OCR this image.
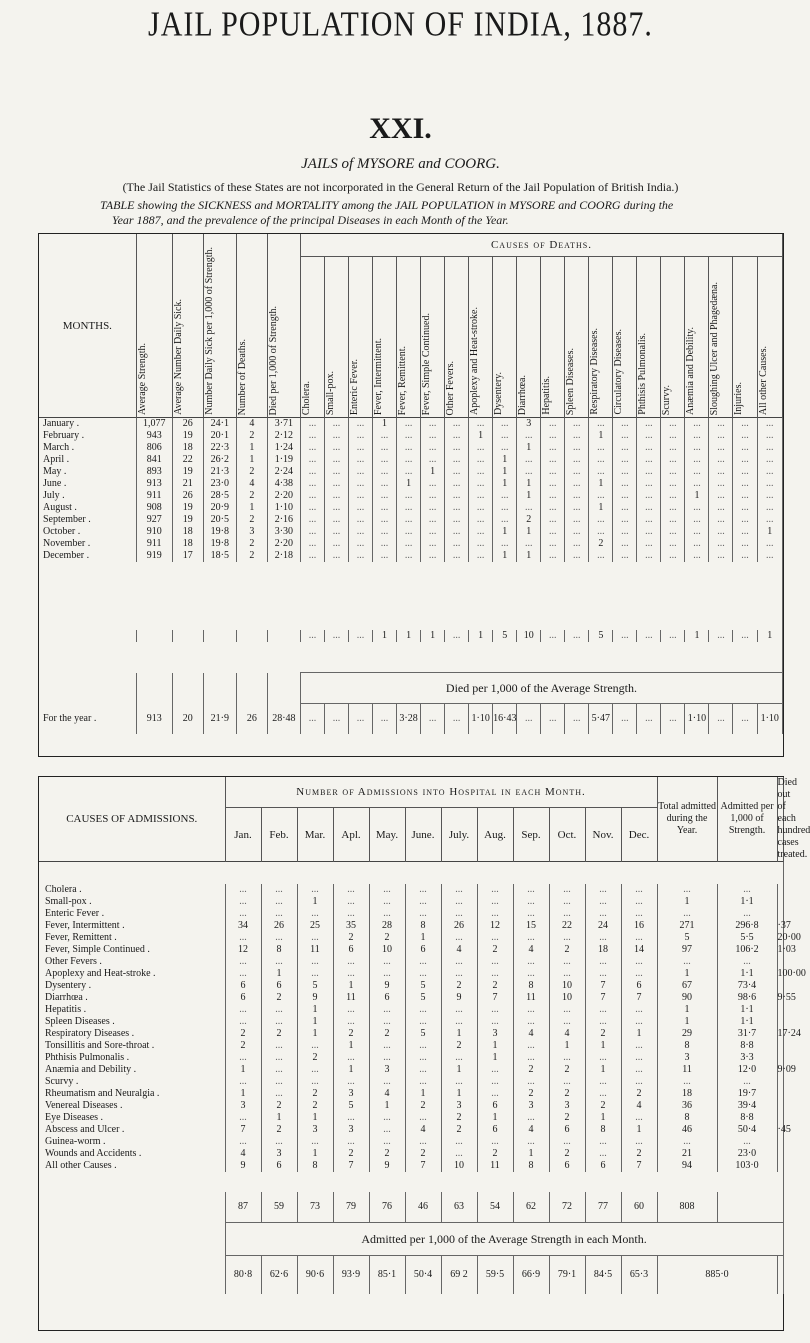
JAIL POPULATION OF INDIA, 1887.
XXI.
JAILS of MYSORE and COORG.
(The Jail Statistics of these States are not incorporated in the General Return of the Jail Population of British India.)
TABLE showing the SICKNESS and MORTALITY among the JAIL POPULATION in MYSORE and COORG during the
Year 1887, and the prevalence of the principal Diseases in each Month of the Year.
MONTHS.	Average Strength.	Average Number Daily Sick.	Number Daily Sick per 1,000 of Strength.	Number of Deaths.	Died per 1,000 of Strength.	Causes of Deaths.																			

						Cholera.	Small-pox.	Enteric Fever.	Fever, Intermittent.	Fever, Remittent.	Fever, Simple Continued.	Other Fevers.	Apoplexy and Heat-stroke.	Dysentery.	Diarrhœa.	Hepatitis.	Spleen Diseases.	Respiratory Diseases.	Circulatory Diseases.	Phthisis Pulmonalis.	Scurvy.	Anæmia and Debility.	Sloughing Ulcer and Phagedæna.	Injuries.	All other Causes.

January .	1,077	26	24·1	4	3·71	...	...	...	1	...	...	...	...	...	3	...	...	...	...	...	...	...	...	...	...
February .	943	19	20·1	2	2·12	...	...	...	...	...	...	...	1	...	...	...	...	1	...	...	...	...	...	...	...
March .	806	18	22·3	1	1·24	...	...	...	...	...	...	...	...	...	1	...	...	...	...	...	...	...	...	...	...
April .	841	22	26·2	1	1·19	...	...	...	...	...	...	...	...	1	...	...	...	...	...	...	...	...	...	...	...
May .	893	19	21·3	2	2·24	...	...	...	...	...	1	...	...	1	...	...	...	...	...	...	...	...	...	...	...
June .	913	21	23·0	4	4·38	...	...	...	...	1	...	...	...	1	1	...	...	1	...	...	...	...	...	...	...
July .	911	26	28·5	2	2·20	...	...	...	...	...	...	...	...	...	1	...	...	...	...	...	...	1	...	...	...
August .	908	19	20·9	1	1·10	...	...	...	...	...	...	...	...	...	...	...	...	1	...	...	...	...	...	...	...
September .	927	19	20·5	2	2·16	...	...	...	...	...	...	...	...	...	2	...	...	...	...	...	...	...	...	...	...
October .	910	18	19·8	3	3·30	...	...	...	...	...	...	...	...	1	1	...	...	...	...	...	...	...	...	...	1
November .	911	18	19·8	2	2·20	...	...	...	...	...	...	...	...	...	...	...	...	2	...	...	...	...	...	...	...
December .	919	17	18·5	2	2·18	...	...	...	...	...	...	...	...	1	1	...	...	...	...	...	...	...	...	...	...

						...	...	...	1	1	1	...	1	5	10	...	...	5	...	...	...	1	...	...	1

						Died per 1,000 of the Average Strength.																			
For the year .	913	20	21·9	26	28·48	...	...	...	...	3·28	...	...	1·10	16·43	...	...	...	5·47	...	...	...	1·10	...	...	1·10
CAUSES OF ADMISSIONS.	Number of Admissions into Hospital in each Month.												Total admitted during the Year.	Admitted per 1,000 of Strength.	Died out of each hundred cases treated.
	Jan.	Feb.	Mar.	Apl.	May.	June.	July.	Aug.	Sep.	Oct.	Nov.	Dec.			

Cholera .	...	...	...	...	...	...	...	...	...	...	...	...	...	...	
Small-pox .	...	...	1	...	...	...	...	...	...	...	...	...	1	1·1	
Enteric Fever .	...	...	...	...	...	...	...	...	...	...	...	...	...	...	
Fever, Intermittent .	34	26	25	35	28	8	26	12	15	22	24	16	271	296·8	·37
Fever, Remittent .	...	...	...	2	2	1	...	...	...	...	...	...	5	5·5	20·00
Fever, Simple Continued .	12	8	11	6	10	6	4	2	4	2	18	14	97	106·2	1·03
Other Fevers .	...	...	...	...	...	...	...	...	...	...	...	...	...	...	
Apoplexy and Heat-stroke .	...	1	...	...	...	...	...	...	...	...	...	...	1	1·1	100·00
Dysentery .	6	6	5	1	9	5	2	2	8	10	7	6	67	73·4	
Diarrhœa .	6	2	9	11	6	5	9	7	11	10	7	7	90	98·6	9·55
Hepatitis .	...	...	1	...	...	...	...	...	...	...	...	...	1	1·1	
Spleen Diseases .	...	...	1	...	...	...	...	...	...	...	...	...	1	1·1	
Respiratory Diseases .	2	2	1	2	2	5	1	3	4	4	2	1	29	31·7	17·24
Tonsillitis and Sore-throat .	2	...	...	1	...	...	2	1	...	1	1	...	8	8·8	
Phthisis Pulmonalis .	...	...	2	...	...	...	...	1	...	...	...	...	3	3·3	
Anæmia and Debility .	1	...	...	1	3	...	1	...	2	2	1	...	11	12·0	9·09
Scurvy .	...	...	...	...	...	...	...	...	...	...	...	...	...	...	
Rheumatism and Neuralgia .	1	...	2	3	4	1	1	...	2	2	...	2	18	19·7	
Venereal Diseases .	3	2	2	5	1	2	3	6	3	3	2	4	36	39·4	
Eye Diseases .	...	1	1	...	...	...	2	1	...	2	1	...	8	8·8	
Abscess and Ulcer .	7	2	3	3	...	4	2	6	4	6	8	1	46	50·4	·45
Guinea-worm .	...	...	...	...	...	...	...	...	...	...	...	...	...	...	
Wounds and Accidents .	4	3	1	2	2	2	...	2	1	2	...	2	21	23·0	
All other Causes .	9	6	8	7	9	7	10	11	8	6	6	7	94	103·0	

	87	59	73	79	76	46	63	54	62	72	77	60	808		
	Admitted per 1,000 of the Average Strength in each Month.														
	80·8	62·6	90·6	93·9	85·1	50·4	69 2	59·5	66·9	79·1	84·5	65·3	885·0		
